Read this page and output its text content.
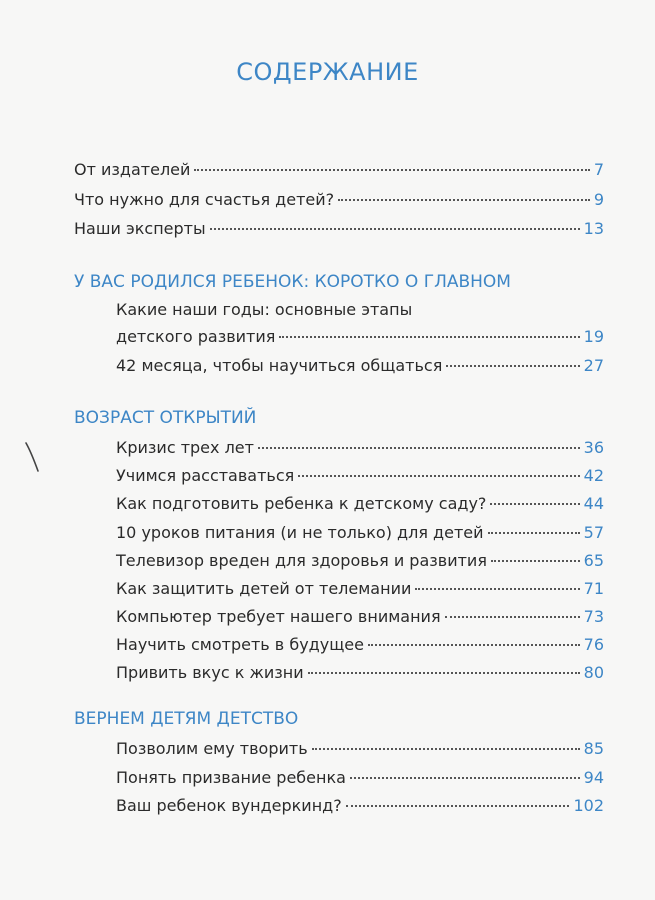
СОДЕРЖАНИЕ
От издателей	7
Что нужно для счастья детей?	9
Наши эксперты	13
У ВАС РОДИЛСЯ РЕБЕНОК: КОРОТКО О ГЛАВНОМ
Какие наши годы: основные этапы
детского развития	19
42 месяца, чтобы научиться общаться	27
ВОЗРАСТ ОТКРЫТИЙ
Кризис трех лет	36
Учимся расставаться	42
Как подготовить ребенка к детскому саду?	44
10 уроков питания (и не только) для детей	57
Телевизор вреден для здоровья и развития	65
Как защитить детей от телемании	71
Компьютер требует нашего внимания	73
Научить смотреть в будущее	76
Привить вкус к жизни	80
ВЕРНЕМ ДЕТЯМ ДЕТСТВО
Позволим ему творить	85
Понять призвание ребенка	94
Ваш ребенок вундеркинд?	102
